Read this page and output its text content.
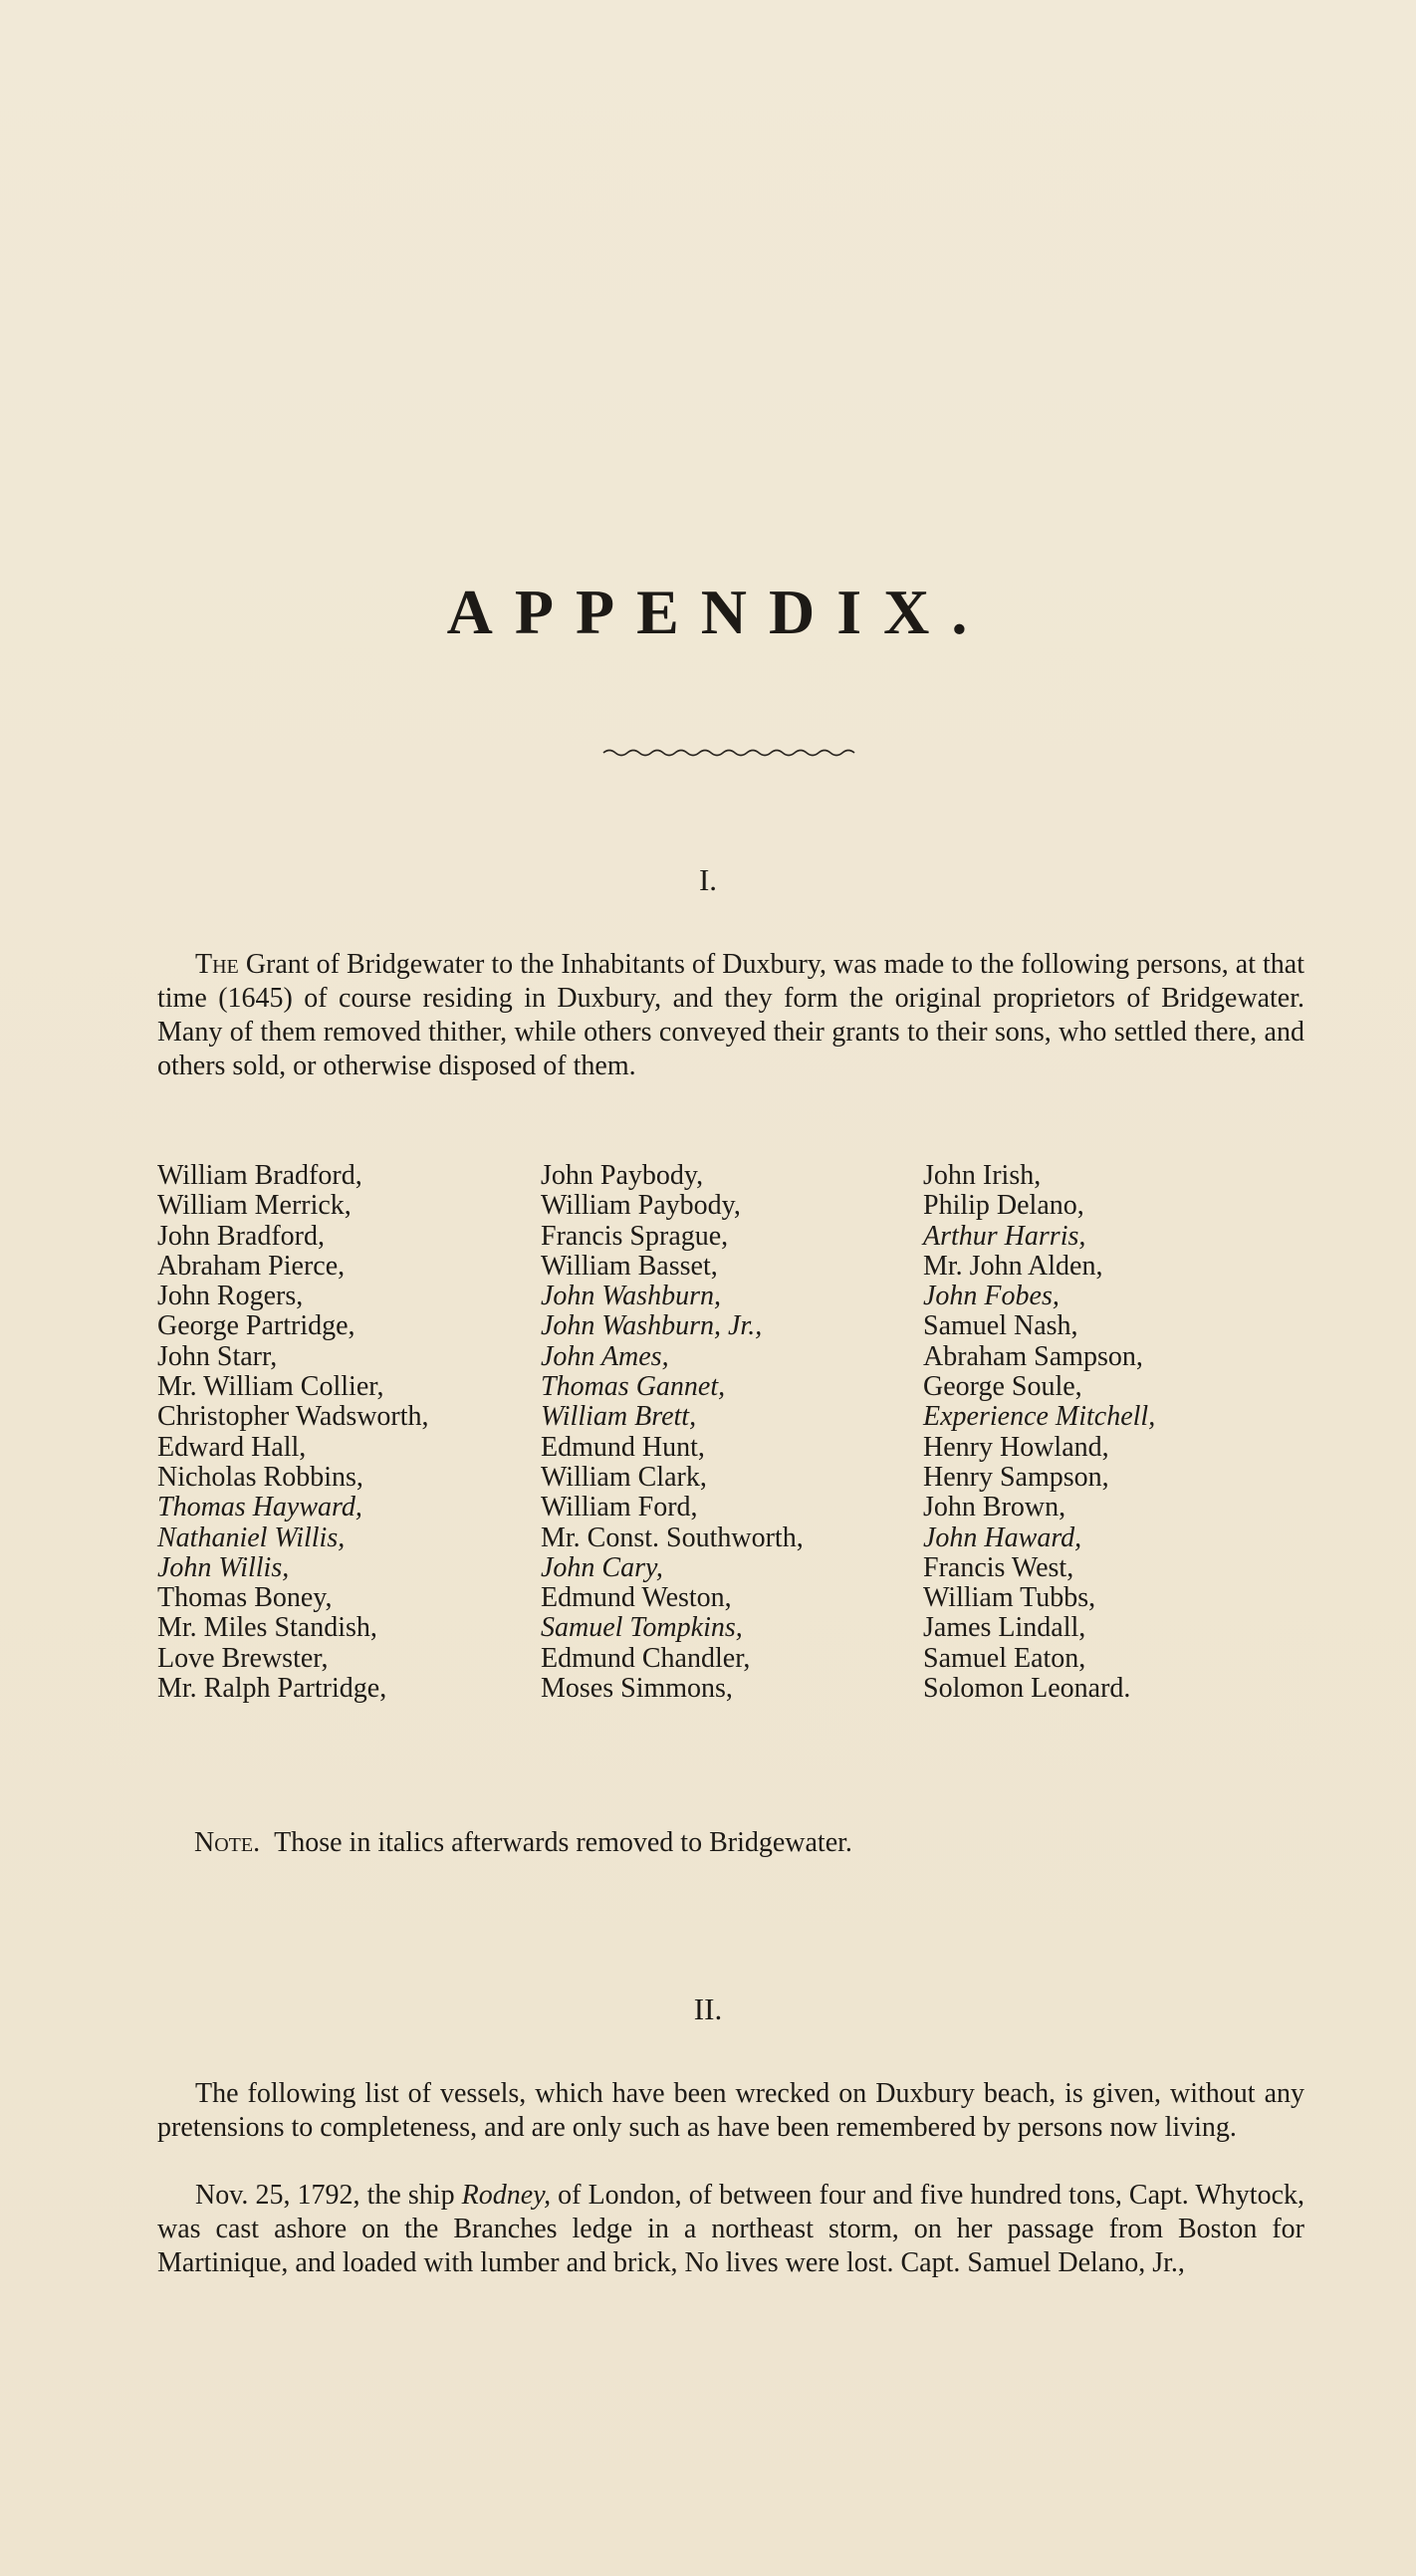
APPENDIX.
I.

The Grant of Bridgewater to the Inhabitants of Duxbury, was made to the following persons, at that time (1645) of course residing in Duxbury, and they form the original proprietors of Bridgewater. Many of them removed thither, while others conveyed their grants to their sons, who settled there, and others sold, or otherwise disposed of them.

William Bradford,
William Merrick,
John Bradford,
Abraham Pierce,
John Rogers,
George Partridge,
John Starr,
Mr. William Collier,
Christopher Wadsworth,
Edward Hall,
Nicholas Robbins,
Thomas Hayward,
Nathaniel Willis,
John Willis,
Thomas Boney,
Mr. Miles Standish,
Love Brewster,
Mr. Ralph Partridge,
John Paybody,
William Paybody,
Francis Sprague,
William Basset,
John Washburn,
John Washburn, Jr.,
John Ames,
Thomas Gannet,
William Brett,
Edmund Hunt,
William Clark,
William Ford,
Mr. Const. Southworth,
John Cary,
Edmund Weston,
Samuel Tompkins,
Edmund Chandler,
Moses Simmons,
John Irish,
Philip Delano,
Arthur Harris,
Mr. John Alden,
John Fobes,
Samuel Nash,
Abraham Sampson,
George Soule,
Experience Mitchell,
Henry Howland,
Henry Sampson,
John Brown,
John Haward,
Francis West,
William Tubbs,
James Lindall,
Samuel Eaton,
Solomon Leonard.
Note. Those in italics afterwards removed to Bridgewater.
II.

The following list of vessels, which have been wrecked on Duxbury beach, is given, without any pretensions to completeness, and are only such as have been remembered by persons now living.

Nov. 25, 1792, the ship Rodney, of London, of between four and five hundred tons, Capt. Whytock, was cast ashore on the Branches ledge in a northeast storm, on her passage from Boston for Martinique, and loaded with lumber and brick, No lives were lost. Capt. Samuel Delano, Jr.,
